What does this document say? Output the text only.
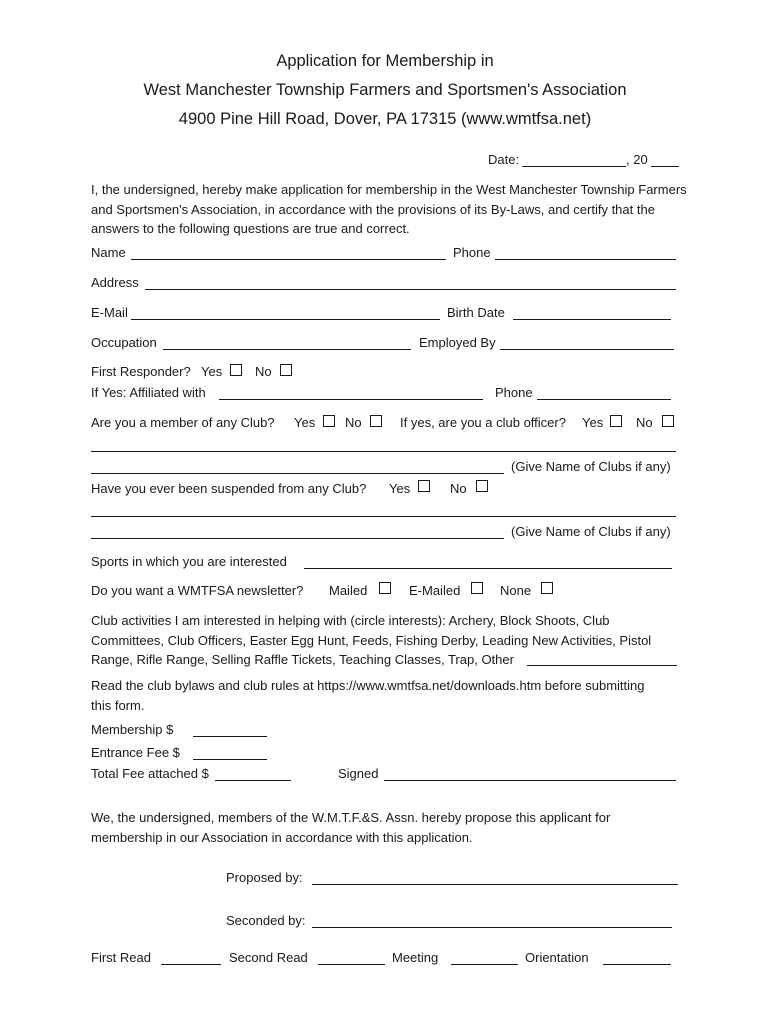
Application for Membership in
West Manchester Township Farmers and Sportsmen's Association
4900 Pine Hill Road, Dover, PA 17315 (www.wmtfsa.net)
Date:	, 20
I, the undersigned, hereby make application for membership in the West Manchester Township Farmers and Sportsmen's Association, in accordance with the provisions of its By-Laws, and certify that the answers to the following questions are true and correct.
Name	Phone
Address
E-Mail	Birth Date
Occupation	Employed By
First Responder? Yes	No
If Yes: Affiliated with	Phone
Are you a member of any Club? Yes No	If yes, are you a club officer? Yes	No
(Give Name of Clubs if any)
Have you ever been suspended from any Club? Yes	No
(Give Name of Clubs if any)
Sports in which you are interested
Do you want a WMTFSA newsletter? Mailed	E-Mailed	None
Club activities I am interested in helping with (circle interests): Archery, Block Shoots, Club Committees, Club Officers, Easter Egg Hunt, Feeds, Fishing Derby, Leading New Activities, Pistol Range, Rifle Range, Selling Raffle Tickets, Teaching Classes, Trap, Other
Read the club bylaws and club rules at https://www.wmtfsa.net/downloads.htm before submitting this form.
Membership $
Entrance Fee $
Total Fee attached $	Signed
We, the undersigned, members of the W.M.T.F.&S. Assn. hereby propose this applicant for membership in our Association in accordance with this application.
Proposed by:
Seconded by:
First Read	Second Read	Meeting	Orientation
